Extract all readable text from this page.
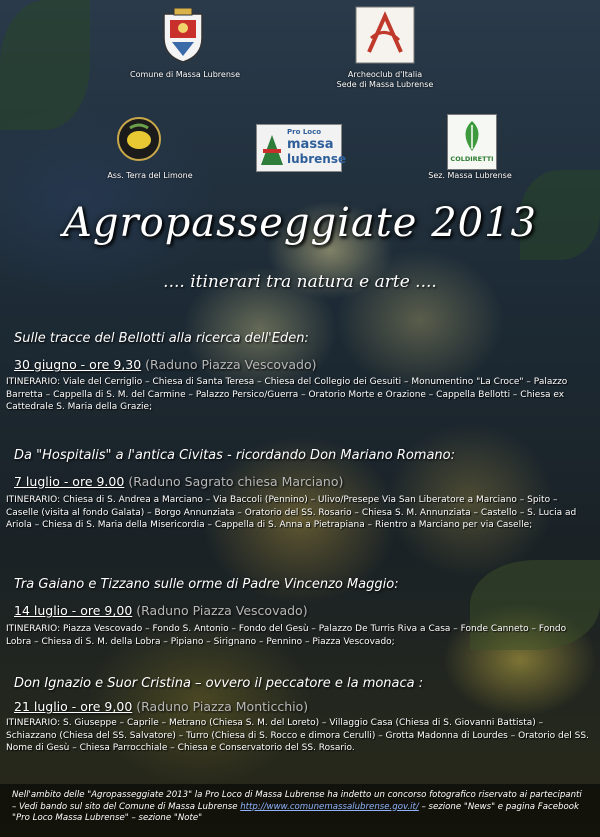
Comune di Massa Lubrense	Archeoclub d'Italia
Sede di Massa Lubrense
Ass. Terra del Limone
Pro Loco
massa
lubrense	COLDIRETTI
Sez. Massa Lubrense
Agropasseggiate 2013
.... itinerari tra natura e arte ....
Sulle tracce del Bellotti alla ricerca dell'Eden:
30 giugno - ore 9,30 (Raduno Piazza Vescovado)
ITINERARIO: Viale del Cerriglio – Chiesa di Santa Teresa – Chiesa del Collegio dei Gesuiti – Monumentino "La Croce" – Palazzo Barretta – Cappella di S. M. del Carmine – Palazzo Persico/Guerra – Oratorio Morte e Orazione – Cappella Bellotti – Chiesa ex Cattedrale S. Maria della Grazie;
Da "Hospitalis" a l'antica Civitas - ricordando Don Mariano Romano:
7 luglio - ore 9.00 (Raduno Sagrato chiesa Marciano)
ITINERARIO: Chiesa di S. Andrea a Marciano – Via Baccoli (Pennino) – Ulivo/Presepe Via San Liberatore a Marciano – Spito – Caselle (visita al fondo Galata) – Borgo Annunziata – Oratorio del SS. Rosario – Chiesa S. M. Annunziata – Castello – S. Lucia ad Ariola – Chiesa di S. Maria della Misericordia – Cappella di S. Anna a Pietrapiana – Rientro a Marciano per via Caselle;
Tra Gaiano e Tizzano sulle orme di Padre Vincenzo Maggio:
14 luglio - ore 9,00 (Raduno Piazza Vescovado)
ITINERARIO: Piazza Vescovado – Fondo S. Antonio – Fondo del Gesù – Palazzo De Turris Riva a Casa – Fonde Canneto – Fondo Lobra – Chiesa di S. M. della Lobra – Pipiano – Sirignano – Pennino – Piazza Vescovado;
Don Ignazio e Suor Cristina – ovvero il peccatore e la monaca :
21 luglio - ore 9,00 (Raduno Piazza Monticchio)
ITINERARIO: S. Giuseppe – Caprile – Metrano (Chiesa S. M. del Loreto) – Villaggio Casa (Chiesa di S. Giovanni Battista) – Schiazzano (Chiesa del SS. Salvatore) – Turro (Chiesa di S. Rocco e dimora Cerulli) – Grotta Madonna di Lourdes – Oratorio del SS. Nome di Gesù – Chiesa Parrocchiale – Chiesa e Conservatorio del SS. Rosario.

Nell'ambito delle "Agropasseggiate 2013" la Pro Loco di Massa Lubrense ha indetto un concorso fotografico riservato ai partecipanti – Vedi bando sul sito del Comune di Massa Lubrense http://www.comunemassalubrense.gov.it/ – sezione "News" e pagina Facebook "Pro Loco Massa Lubrense" – sezione "Note"
